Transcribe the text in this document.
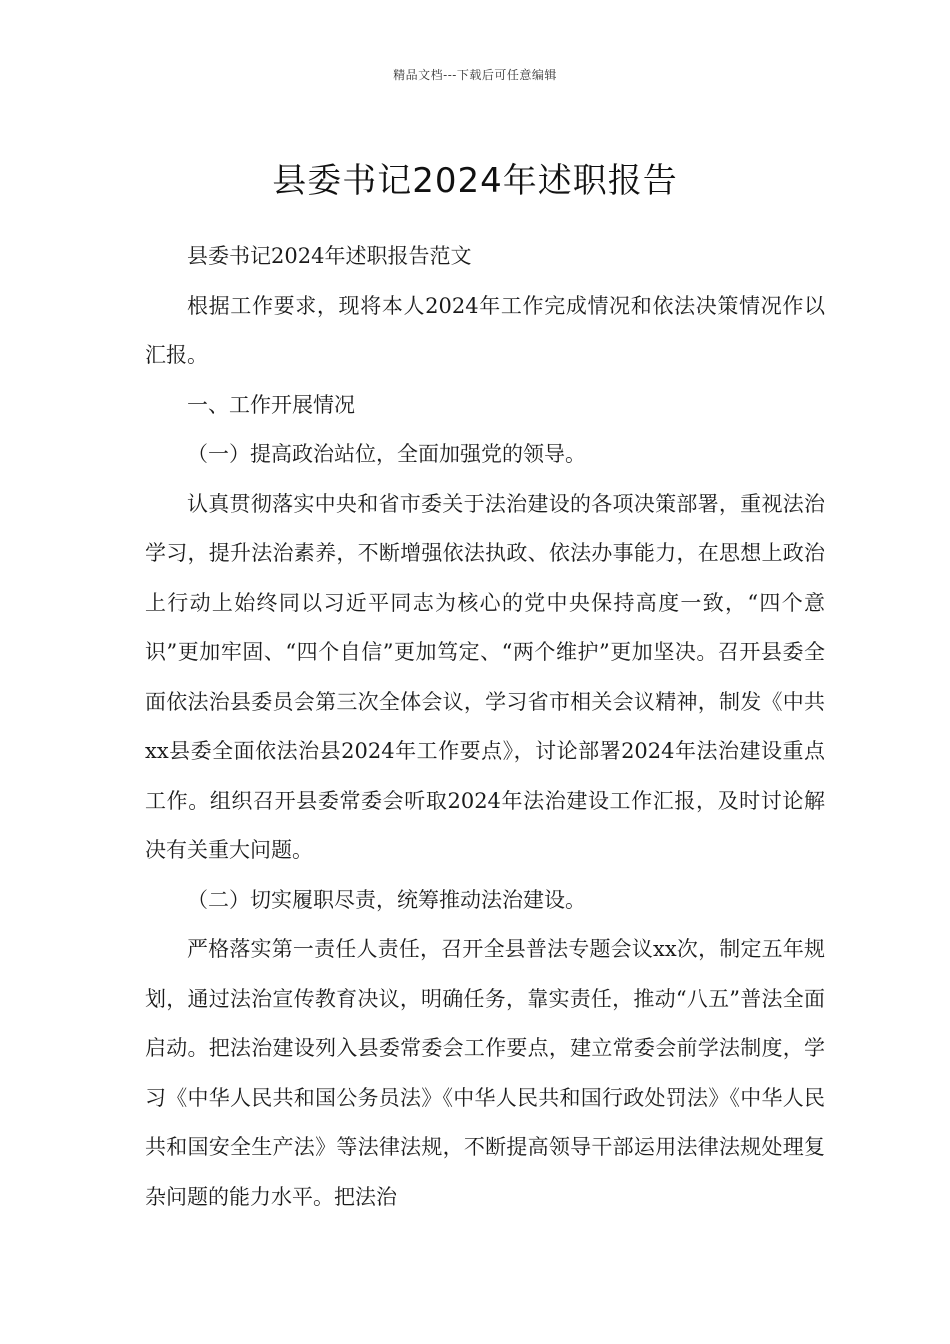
精品文档---下载后可任意编辑
县委书记2024年述职报告

县委书记2024年述职报告范文

根据工作要求，现将本人2024年工作完成情况和依法决策情况作以汇报。

一、工作开展情况

（一）提高政治站位，全面加强党的领导。

认真贯彻落实中央和省市委关于法治建设的各项决策部署，重视法治学习，提升法治素养，不断增强依法执政、依法办事能力，在思想上政治上行动上始终同以习近平同志为核心的党中央保持高度一致，“四个意识”更加牢固、“四个自信”更加笃定、“两个维护”更加坚决。召开县委全面依法治县委员会第三次全体会议，学习省市相关会议精神，制发《中共xx县委全面依法治县2024年工作要点》，讨论部署2024年法治建设重点工作。组织召开县委常委会听取2024年法治建设工作汇报，及时讨论解决有关重大问题。

（二）切实履职尽责，统筹推动法治建设。

严格落实第一责任人责任，召开全县普法专题会议xx次，制定五年规划，通过法治宣传教育决议，明确任务，靠实责任，推动“八五”普法全面启动。把法治建设列入县委常委会工作要点，建立常委会前学法制度，学习《中华人民共和国公务员法》《中华人民共和国行政处罚法》《中华人民共和国安全生产法》等法律法规，不断提高领导干部运用法律法规处理复杂问题的能力水平。把法治
